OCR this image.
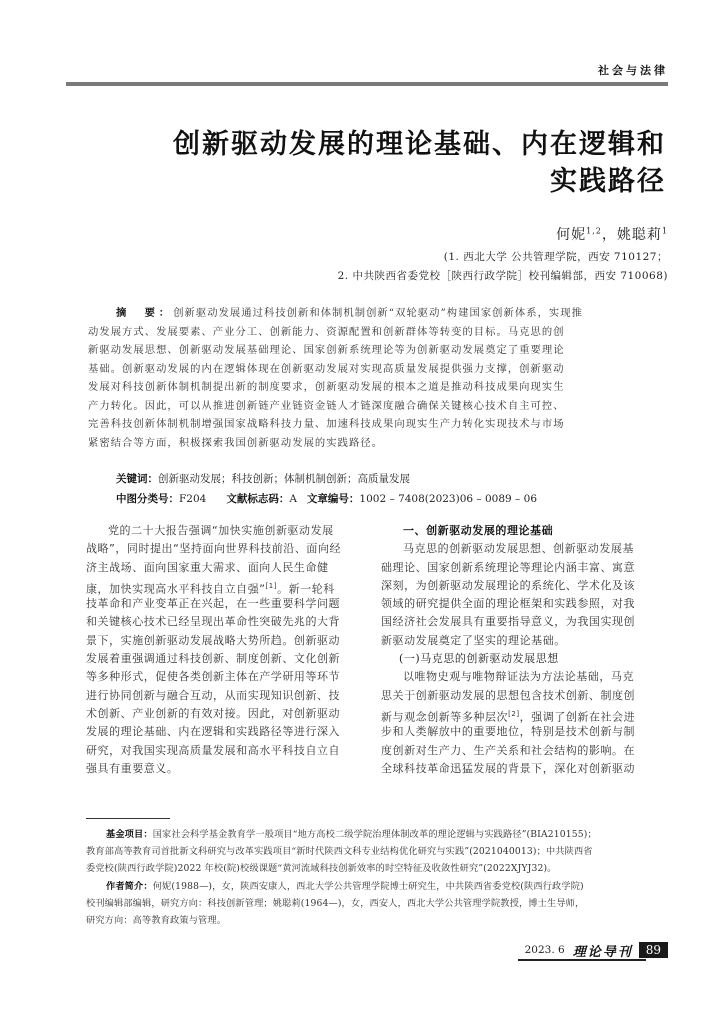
社会与法律
创新驱动发展的理论基础、内在逻辑和
实践路径
何妮$^{1,2}$，姚聪莉$^1$
(1. 西北大学 公共管理学院，西安 710127；
2. 中共陕西省委党校［陕西行政学院］校刊编辑部，西安 710068)
摘　要：创新驱动发展通过科技创新和体制机制创新“双轮驱动”构建国家创新体系，实现推
动发展方式、发展要素、产业分工、创新能力、资源配置和创新群体等转变的目标。马克思的创
新驱动发展思想、创新驱动发展基础理论、国家创新系统理论等为创新驱动发展奠定了重要理论
基础。创新驱动发展的内在逻辑体现在创新驱动发展对实现高质量发展提供强力支撑，创新驱动
发展对科技创新体制机制提出新的制度要求，创新驱动发展的根本之道是推动科技成果向现实生
产力转化。因此，可以从推进创新链产业链资金链人才链深度融合确保关键核心技术自主可控、
完善科技创新体制机制增强国家战略科技力量、加速科技成果向现实生产力转化实现技术与市场
紧密结合等方面，积极探索我国创新驱动发展的实践路径。
关键词：创新驱动发展；科技创新；体制机制创新；高质量发展
中图分类号：F204 文献标志码：A 文章编号：1002 – 7408(2023)06 – 0089 – 06
党的二十大报告强调“加快实施创新驱动发展
战略”，同时提出“坚持面向世界科技前沿、面向经
济主战场、面向国家重大需求、面向人民生命健
康，加快实现高水平科技自立自强”[1]。新一轮科
技革命和产业变革正在兴起，在一些重要科学问题
和关键核心技术已经呈现出革命性突破先兆的大背
景下，实施创新驱动发展战略大势所趋。创新驱动
发展着重强调通过科技创新、制度创新、文化创新
等多种形式，促使各类创新主体在产学研用等环节
进行协同创新与融合互动，从而实现知识创新、技
术创新、产业创新的有效对接。因此，对创新驱动
发展的理论基础、内在逻辑和实践路径等进行深入
研究，对我国实现高质量发展和高水平科技自立自
强具有重要意义。
一、创新驱动发展的理论基础
马克思的创新驱动发展思想、创新驱动发展基
础理论、国家创新系统理论等理论内涵丰富、寓意
深刻，为创新驱动发展理论的系统化、学术化及该
领域的研究提供全面的理论框架和实践参照，对我
国经济社会发展具有重要指导意义，为我国实现创
新驱动发展奠定了坚实的理论基础。
(一)马克思的创新驱动发展思想
以唯物史观与唯物辩证法为方法论基础，马克
思关于创新驱动发展的思想包含技术创新、制度创
新与观念创新等多种层次[2]，强调了创新在社会进
步和人类解放中的重要地位，特别是技术创新与制
度创新对生产力、生产关系和社会结构的影响。在
全球科技革命迅猛发展的背景下，深化对创新驱动
基金项目：国家社会科学基金教育学一般项目“地方高校二级学院治理体制改革的理论逻辑与实践路径”(BIA210155)；
教育部高等教育司首批新文科研究与改革实践项目“新时代陕西文科专业结构优化研究与实践”(2021040013)；中共陕西省
委党校(陕西行政学院)2022 年校(院)校级课题“黄河流域科技创新效率的时空特征及收敛性研究”(2022XJYJ32)。
作者简介：何妮(1988—)，女，陕西安康人，西北大学公共管理学院博士研究生，中共陕西省委党校(陕西行政学院)
校刊编辑部编辑，研究方向：科技创新管理；姚聪莉(1964—)，女，西安人，西北大学公共管理学院教授，博士生导师，
研究方向：高等教育政策与管理。
2023. 6 理论导刊	89
